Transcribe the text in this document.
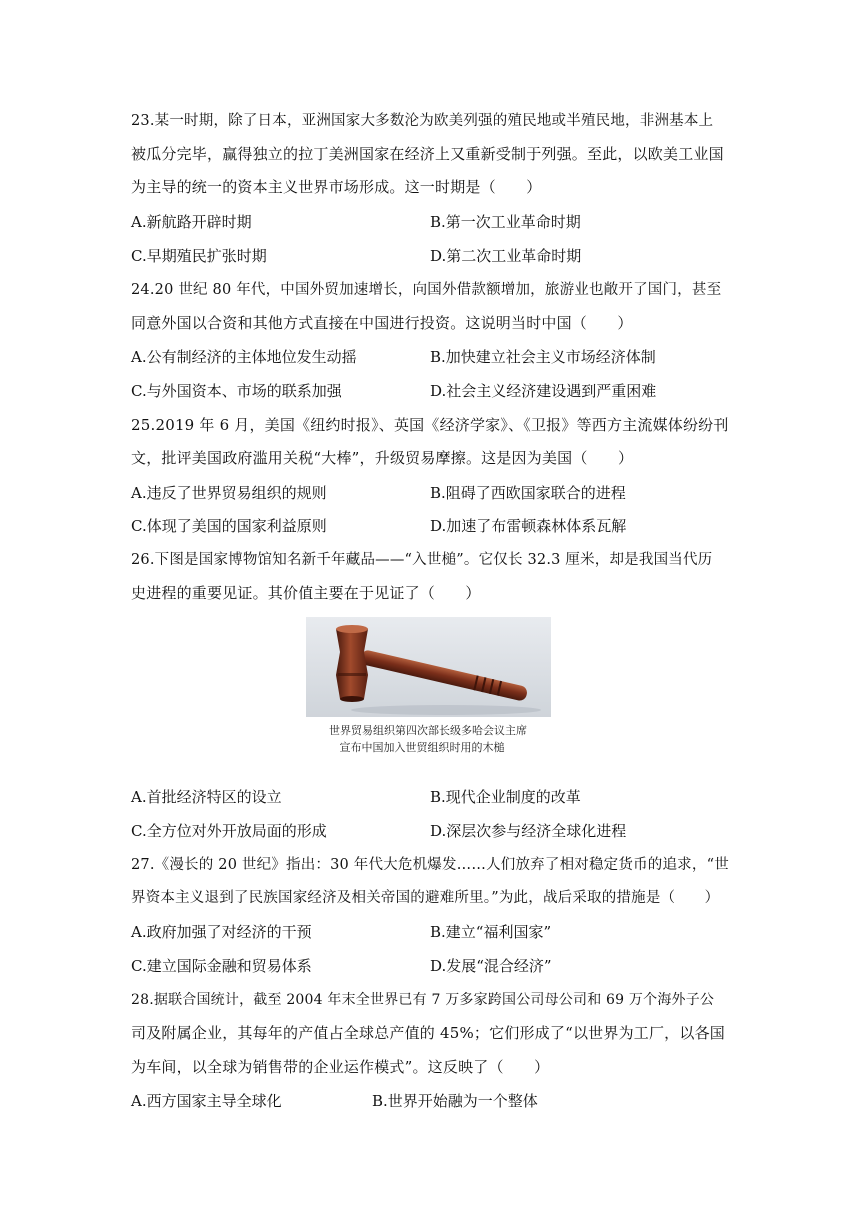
23.某一时期，除了日本，亚洲国家大多数沦为欧美列强的殖民地或半殖民地，非洲基本上
被瓜分完毕，赢得独立的拉丁美洲国家在经济上又重新受制于列强。至此，以欧美工业国
为主导的统一的资本主义世界市场形成。这一时期是（　　）
A.新航路开辟时期	B.第一次工业革命时期
C.早期殖民扩张时期	D.第二次工业革命时期
24.20 世纪 80 年代，中国外贸加速增长，向国外借款额增加，旅游业也敞开了国门，甚至
同意外国以合资和其他方式直接在中国进行投资。这说明当时中国（　　）
A.公有制经济的主体地位发生动摇	B.加快建立社会主义市场经济体制
C.与外国资本、市场的联系加强	D.社会主义经济建设遇到严重困难
25.2019 年 6 月，美国《纽约时报》、英国《经济学家》、《卫报》等西方主流媒体纷纷刊
文，批评美国政府滥用关税“大棒”，升级贸易摩擦。这是因为美国（　　）
A.违反了世界贸易组织的规则	B.阻碍了西欧国家联合的进程
C.体现了美国的国家利益原则	D.加速了布雷顿森林体系瓦解
26.下图是国家博物馆知名新千年藏品——“入世槌”。它仅长 32.3 厘米，却是我国当代历
史进程的重要见证。其价值主要在于见证了（　　）
世界贸易组织第四次部长级多哈会议主席
宣布中国加入世贸组织时用的木槌
A.首批经济特区的设立	B.现代企业制度的改革
C.全方位对外开放局面的形成	D.深层次参与经济全球化进程
27.《漫长的 20 世纪》指出：30 年代大危机爆发……人们放弃了相对稳定货币的追求，“世
界资本主义退到了民族国家经济及相关帝国的避难所里。”为此，战后采取的措施是（　　）
A.政府加强了对经济的干预	B.建立“福利国家”
C.建立国际金融和贸易体系	D.发展“混合经济”
28.据联合国统计，截至 2004 年末全世界已有 7 万多家跨国公司母公司和 69 万个海外子公
司及附属企业，其每年的产值占全球总产值的 45%；它们形成了“以世界为工厂，以各国
为车间，以全球为销售带的企业运作模式”。这反映了（　　）
A.西方国家主导全球化	B.世界开始融为一个整体
